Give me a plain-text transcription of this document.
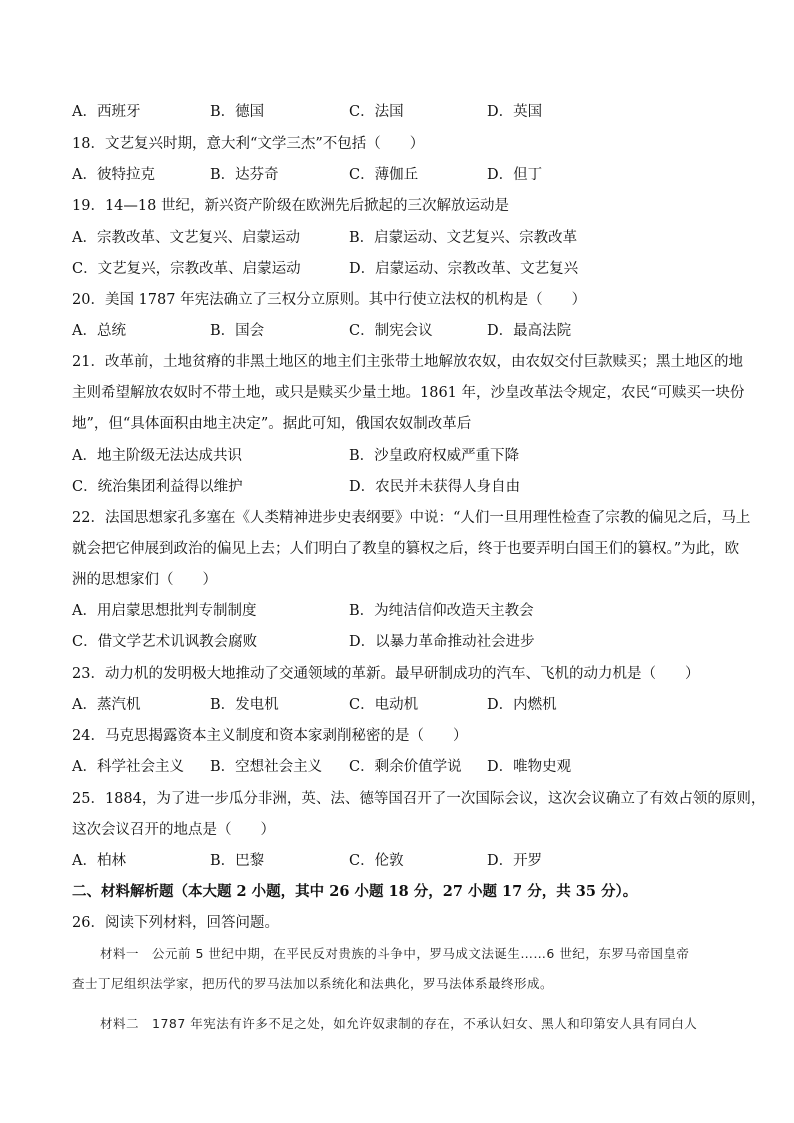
A．西班牙	B．德国	C．法国	D．英国
18．文艺复兴时期，意大利“文学三杰”不包括（　　）
A．彼特拉克	B．达芬奇	C．薄伽丘	D．但丁
19．14—18 世纪，新兴资产阶级在欧洲先后掀起的三次解放运动是
A．宗教改革、文艺复兴、启蒙运动	B．启蒙运动、文艺复兴、宗教改革
C．文艺复兴，宗教改革、启蒙运动	D．启蒙运动、宗教改革、文艺复兴
20．美国 1787 年宪法确立了三权分立原则。其中行使立法权的机构是（　　）
A．总统	B．国会	C．制宪会议	D．最高法院
21．改革前，土地贫瘠的非黑土地区的地主们主张带土地解放农奴，由农奴交付巨款赎买；黑土地区的地
主则希望解放农奴时不带土地，或只是赎买少量土地。1861 年，沙皇改革法令规定，农民“可赎买一块份
地”，但“具体面积由地主决定”。据此可知，俄国农奴制改革后
A．地主阶级无法达成共识	B．沙皇政府权威严重下降
C．统治集团利益得以维护	D．农民并未获得人身自由
22．法国思想家孔多塞在《人类精神进步史表纲要》中说：“人们一旦用理性检查了宗教的偏见之后，马上
就会把它伸展到政治的偏见上去；人们明白了教皇的篡权之后，终于也要弄明白国王们的篡权。”为此，欧
洲的思想家们（　　）
A．用启蒙思想批判专制制度	B．为纯洁信仰改造天主教会
C．借文学艺术讥讽教会腐败	D．以暴力革命推动社会进步
23．动力机的发明极大地推动了交通领域的革新。最早研制成功的汽车、飞机的动力机是（　　）
A．蒸汽机	B．发电机	C．电动机	D．内燃机
24．马克思揭露资本主义制度和资本家剥削秘密的是（　　）
A．科学社会主义 B．空想社会主义 C．剩余价值学说 D．唯物史观
25．1884，为了进一步瓜分非洲，英、法、德等国召开了一次国际会议，这次会议确立了有效占领的原则，
这次会议召开的地点是（　　）
A．柏林	B．巴黎	C．伦敦	D．开罗
二、材料解析题（本大题 2 小题，其中 26 小题 18 分，27 小题 17 分，共 35 分）。
26．阅读下列材料，回答问题。
材料一　公元前 5 世纪中期，在平民反对贵族的斗争中，罗马成文法诞生……6 世纪，东罗马帝国皇帝
查士丁尼组织法学家，把历代的罗马法加以系统化和法典化，罗马法体系最终形成。
材料二　1787 年宪法有许多不足之处，如允许奴隶制的存在，不承认妇女、黑人和印第安人具有同白人
